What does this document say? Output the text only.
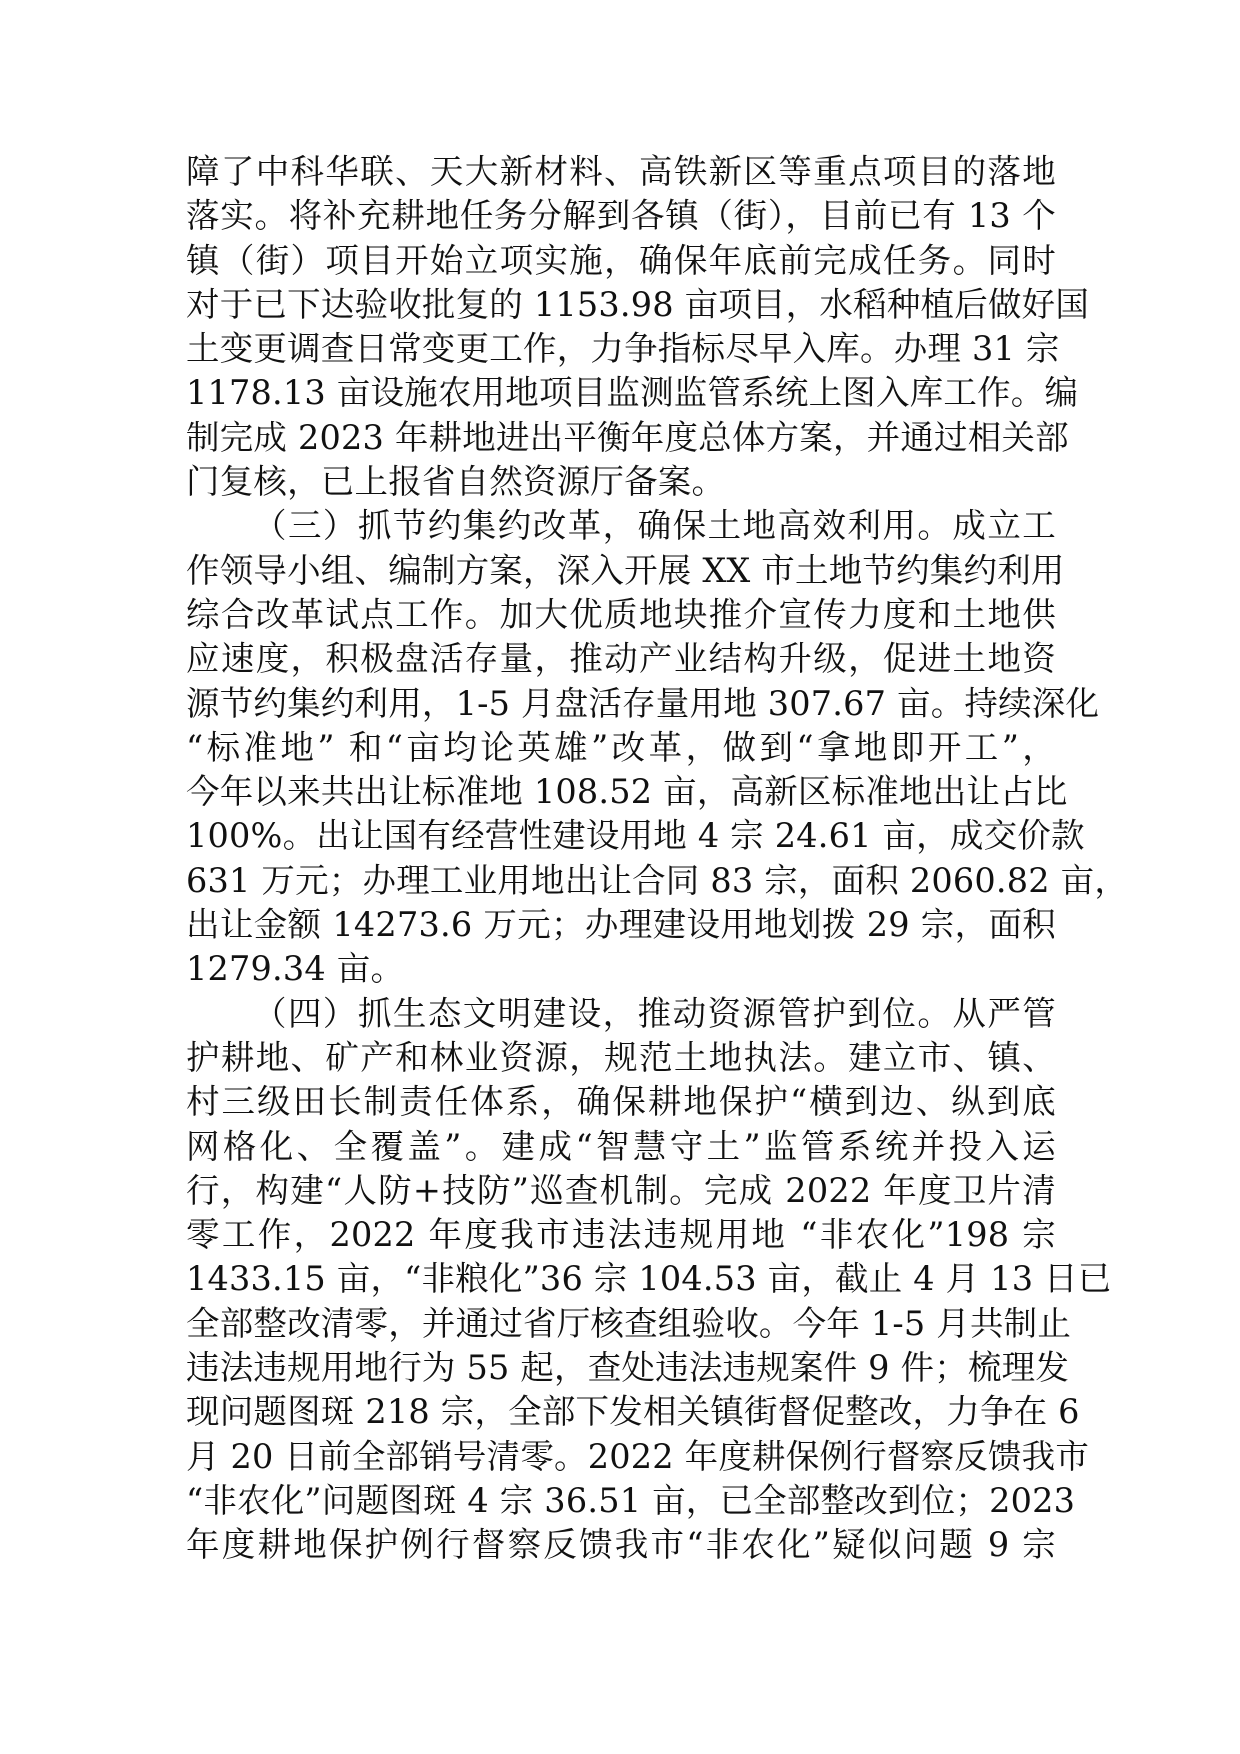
障了中科华联、天大新材料、高铁新区等重点项目的落地
落实。将补充耕地任务分解到各镇（街），目前已有 13 个
镇（街）项目开始立项实施，确保年底前完成任务。同时
对于已下达验收批复的 1153.98 亩项目，水稻种植后做好国
土变更调查日常变更工作，力争指标尽早入库。办理 31 宗
1178.13 亩设施农用地项目监测监管系统上图入库工作。编
制完成 2023 年耕地进出平衡年度总体方案，并通过相关部
门复核，已上报省自然资源厅备案。
（三）抓节约集约改革，确保土地高效利用。成立工
作领导小组、编制方案，深入开展 XX 市土地节约集约利用
综合改革试点工作。加大优质地块推介宣传力度和土地供
应速度，积极盘活存量，推动产业结构升级，促进土地资
源节约集约利用，1-5 月盘活存量用地 307.67 亩。持续深化
“标准地” 和“亩均论英雄”改革，做到“拿地即开工”，
今年以来共出让标准地 108.52 亩，高新区标准地出让占比
100%。出让国有经营性建设用地 4 宗 24.61 亩，成交价款
631 万元；办理工业用地出让合同 83 宗，面积 2060.82 亩，
出让金额 14273.6 万元；办理建设用地划拨 29 宗，面积
1279.34 亩。
（四）抓生态文明建设，推动资源管护到位。从严管
护耕地、矿产和林业资源，规范土地执法。建立市、镇、
村三级田长制责任体系，确保耕地保护“横到边、纵到底
网格化、全覆盖”。建成“智慧守土”监管系统并投入运
行，构建“人防+技防”巡查机制。完成 2022 年度卫片清
零工作，2022 年度我市违法违规用地 “非农化”198 宗
1433.15 亩，“非粮化”36 宗 104.53 亩，截止 4 月 13 日已
全部整改清零，并通过省厅核查组验收。今年 1-5 月共制止
违法违规用地行为 55 起，查处违法违规案件 9 件；梳理发
现问题图斑 218 宗，全部下发相关镇街督促整改，力争在 6
月 20 日前全部销号清零。2022 年度耕保例行督察反馈我市
“非农化”问题图斑 4 宗 36.51 亩，已全部整改到位；2023
年度耕地保护例行督察反馈我市“非农化”疑似问题 9 宗
